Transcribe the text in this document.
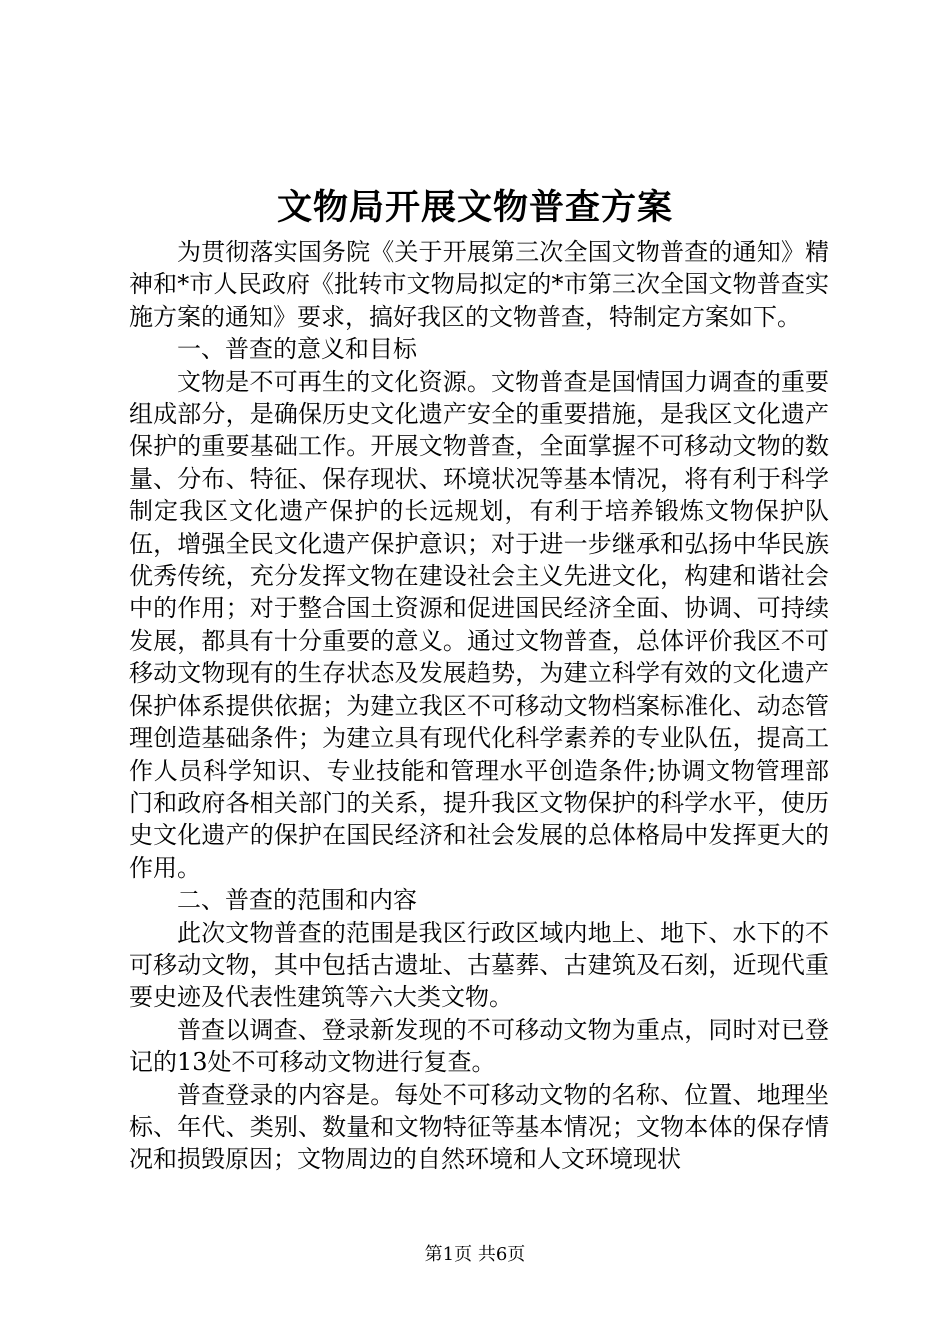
文物局开展文物普查方案

为贯彻落实国务院《关于开展第三次全国文物普查的通知》精神和*市人民政府《批转市文物局拟定的*市第三次全国文物普查实施方案的通知》要求，搞好我区的文物普查，特制定方案如下。

一、普查的意义和目标

文物是不可再生的文化资源。文物普查是国情国力调查的重要组成部分，是确保历史文化遗产安全的重要措施，是我区文化遗产保护的重要基础工作。开展文物普查，全面掌握不可移动文物的数量、分布、特征、保存现状、环境状况等基本情况，将有利于科学制定我区文化遗产保护的长远规划，有利于培养锻炼文物保护队伍，增强全民文化遗产保护意识；对于进一步继承和弘扬中华民族优秀传统，充分发挥文物在建设社会主义先进文化，构建和谐社会中的作用；对于整合国土资源和促进国民经济全面、协调、可持续发展，都具有十分重要的意义。通过文物普查，总体评价我区不可移动文物现有的生存状态及发展趋势，为建立科学有效的文化遗产保护体系提供依据；为建立我区不可移动文物档案标准化、动态管理创造基础条件；为建立具有现代化科学素养的专业队伍，提高工作人员科学知识、专业技能和管理水平创造条件;协调文物管理部门和政府各相关部门的关系，提升我区文物保护的科学水平，使历史文化遗产的保护在国民经济和社会发展的总体格局中发挥更大的作用。

二、普查的范围和内容

此次文物普查的范围是我区行政区域内地上、地下、水下的不可移动文物，其中包括古遗址、古墓葬、古建筑及石刻，近现代重要史迹及代表性建筑等六大类文物。

普查以调查、登录新发现的不可移动文物为重点，同时对已登记的13处不可移动文物进行复查。

普查登录的内容是。每处不可移动文物的名称、位置、地理坐标、年代、类别、数量和文物特征等基本情况；文物本体的保存情况和损毁原因；文物周边的自然环境和人文环境现状

第1页 共6页
